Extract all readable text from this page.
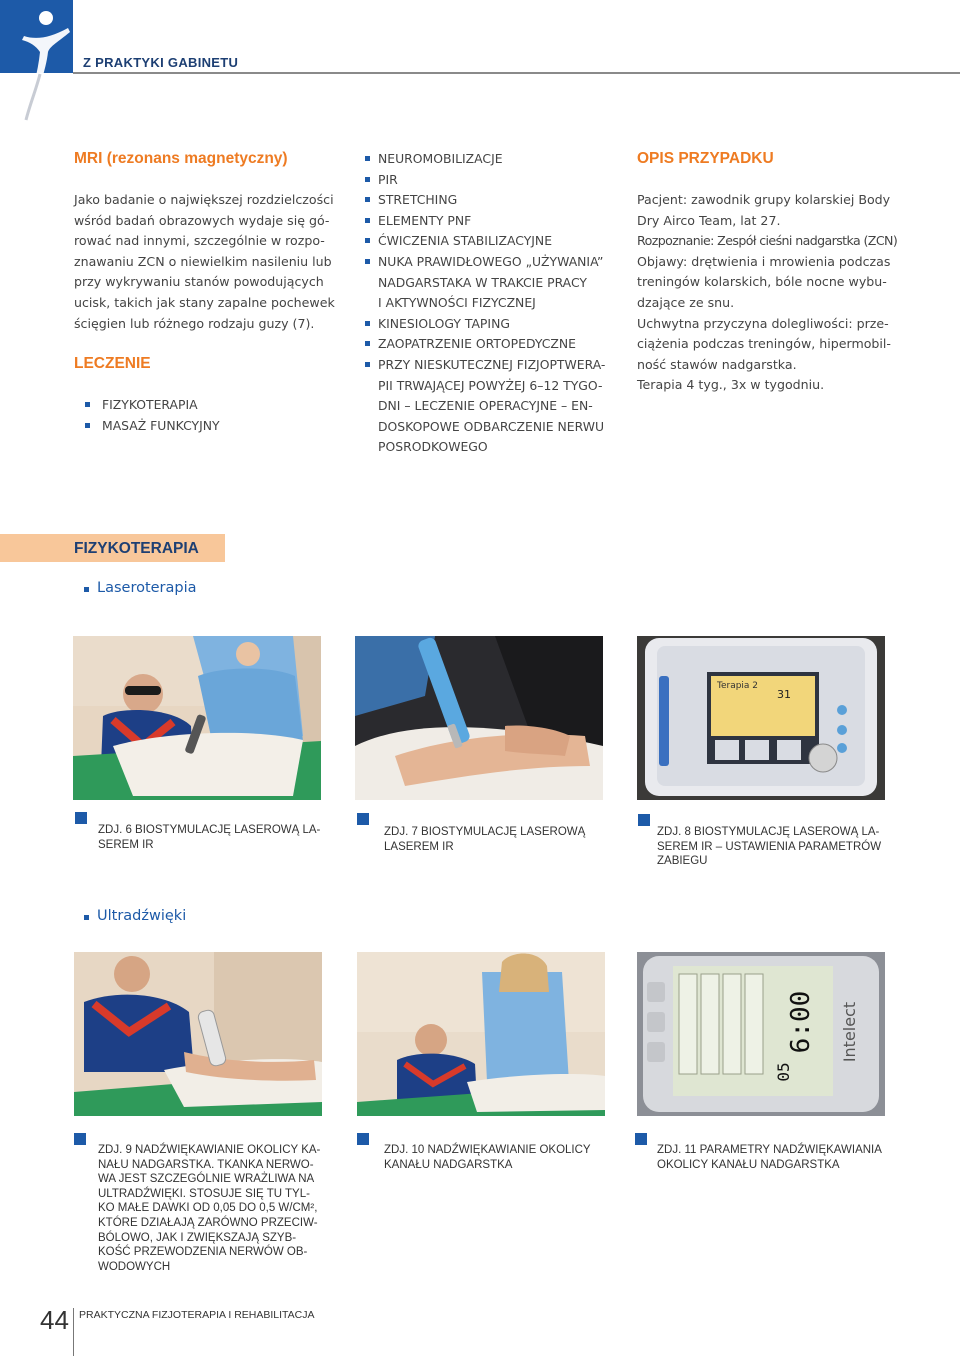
Z PRAKTYKI GABINETU
MRI (rezonans magnetyczny)
Jako badanie o największej rozdzielczości
wśród badań obrazowych wydaje się gó-
rować nad innymi, szczególnie w rozpo-
znawaniu ZCN o niewielkim nasileniu lub
przy wykrywaniu stanów powodujących
ucisk, takich jak stany zapalne pochewek
ścięgien lub różnego rodzaju guzy (7).
LECZENIE
FIZYKOTERAPIA
MASAŻ FUNKCYJNY
NEUROMOBILIZACJE
PIR
STRETCHING
ELEMENTY PNF
ĆWICZENIA STABILIZACYJNE
NUKA PRAWIDŁOWEGO „UŻYWANIA”
NADGARSTAKA W TRAKCIE PRACY
I AKTYWNOŚCI FIZYCZNEJ
KINESIOLOGY TAPING
ZAOPATRZENIE ORTOPEDYCZNE
PRZY NIESKUTECZNEJ FIZJOPTWERA-
PII TRWAJĄCEJ POWYŻEJ 6–12 TYGO-
DNI – LECZENIE OPERACYJNE – EN-
DOSKOPOWE ODBARCZENIE NERWU
POSRODKOWEGO
OPIS PRZYPADKU
Pacjent: zawodnik grupy kolarskiej Body
Dry Airco Team, lat 27.
Rozpoznanie: Zespół cieśni nadgarstka (ZCN)
Objawy: drętwienia i mrowienia podczas
treningów kolarskich, bóle nocne wybu-
dzające ze snu.
Uchwytna przyczyna dolegliwości: prze-
ciążenia podczas treningów, hipermobil-
ność stawów nadgarstka.
Terapia 4 tyg., 3x w tygodniu.
FIZYKOTERAPIA
Laseroterapia
Terapia 2
31
ZDJ. 6 BIOSTYMULACJĘ LASEROWĄ LA-
SEREM IR
ZDJ. 7 BIOSTYMULACJĘ LASEROWĄ
LASEREM IR
ZDJ. 8 BIOSTYMULACJĘ LASEROWĄ LA-
SEREM IR – USTAWIENIA PARAMETRÓW
ZABIEGU
Ultradźwięki
6:00
05
Intelect
ZDJ. 9 NADŹWIĘKAWIANIE OKOLICY KA-
NAŁU NADGARSTKA. TKANKA NERWO-
WA JEST SZCZEGÓLNIE WRAŻLIWA NA
ULTRADŹWIĘKI. STOSUJE SIĘ TU TYL-
KO MAŁE DAWKI OD 0,05 DO 0,5 W/CM²,
KTÓRE DZIAŁAJĄ ZARÓWNO PRZECIW-
BÓLOWO, JAK I ZWIĘKSZAJĄ SZYB-
KOŚĆ PRZEWODZENIA NERWÓW OB-
WODOWYCH
ZDJ. 10 NADŹWIĘKAWIANIE OKOLICY
KANAŁU NADGARSTKA
ZDJ. 11 PARAMETRY NADŹWIĘKAWIANIA
OKOLICY KANAŁU NADGARSTKA
44 PRAKTYCZNA FIZJOTERAPIA I REHABILITACJA
